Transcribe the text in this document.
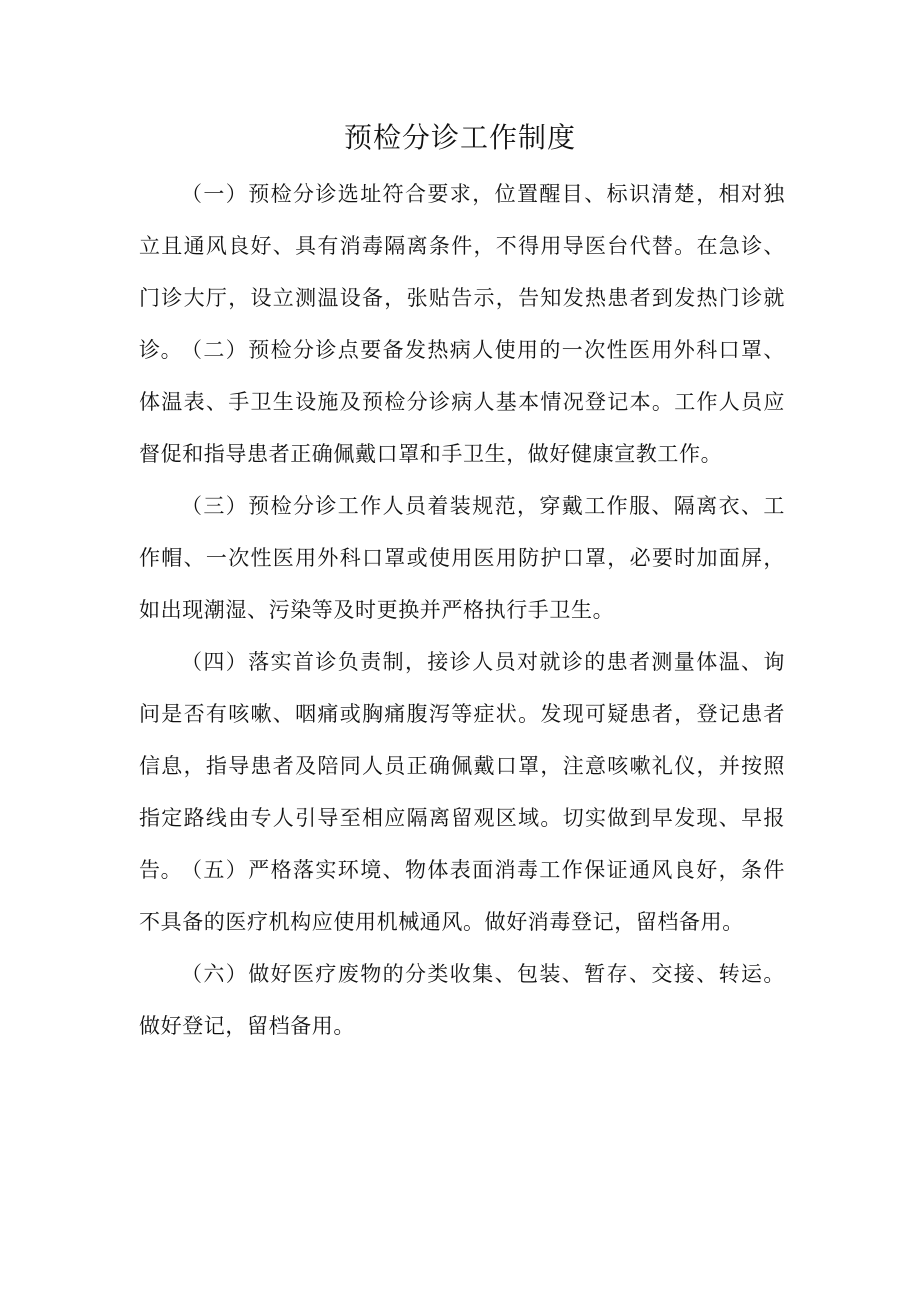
预检分诊工作制度

（一）预检分诊选址符合要求，位置醒目、标识清楚，相对独立且通风良好、具有消毒隔离条件，不得用导医台代替。在急诊、门诊大厅，设立测温设备，张贴告示，告知发热患者到发热门诊就诊。

（二）预检分诊点要备发热病人使用的一次性医用外科口罩、体温表、手卫生设施及预检分诊病人基本情况登记本。工作人员应督促和指导患者正确佩戴口罩和手卫生，做好健康宣教工作。

（三）预检分诊工作人员着装规范，穿戴工作服、隔离衣、工作帽、一次性医用外科口罩或使用医用防护口罩，必要时加面屏，如出现潮湿、污染等及时更换并严格执行手卫生。

（四）落实首诊负责制，接诊人员对就诊的患者测量体温、询问是否有咳嗽、咽痛或胸痛腹泻等症状。发现可疑患者，登记患者信息，指导患者及陪同人员正确佩戴口罩，注意咳嗽礼仪，并按照指定路线由专人引导至相应隔离留观区域。切实做到早发现、早报告。

（五）严格落实环境、物体表面消毒工作保证通风良好，条件不具备的医疗机构应使用机械通风。做好消毒登记，留档备用。

（六）做好医疗废物的分类收集、包装、暂存、交接、转运。做好登记，留档备用。
